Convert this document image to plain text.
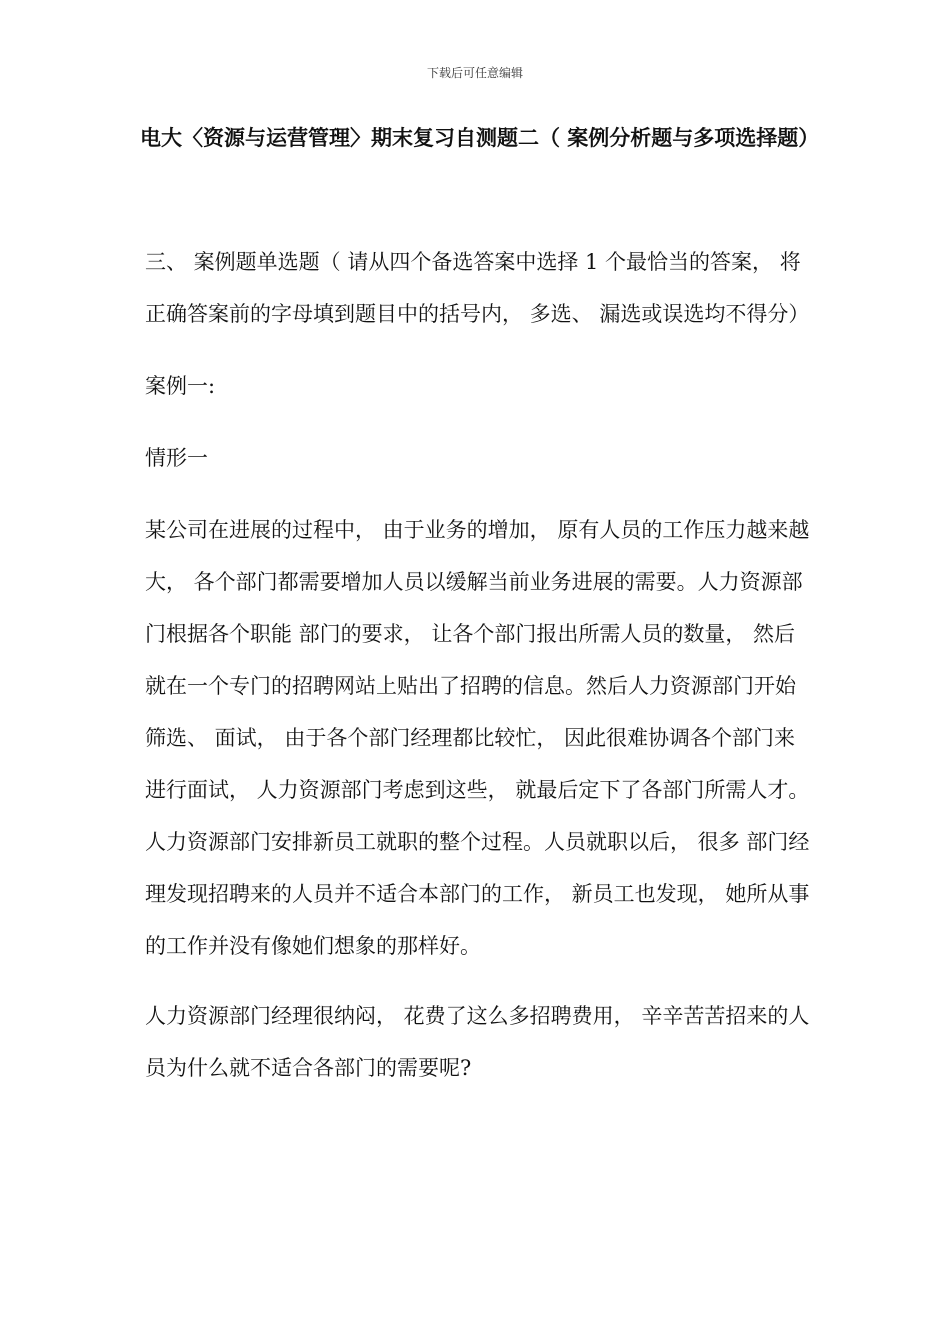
下载后可任意编辑
电大〈资源与运营管理〉期末复习自测题二（ 案例分析题与多项选择题）

三、 案例题单选题（ 请从四个备选答案中选择 1 个最恰当的答案， 将正确答案前的字母填到题目中的括号内， 多选、 漏选或误选均不得分）

案例一:

情形一

某公司在进展的过程中， 由于业务的增加， 原有人员的工作压力越来越大， 各个部门都需要增加人员以缓解当前业务进展的需要。人力资源部门根据各个职能 部门的要求， 让各个部门报出所需人员的数量， 然后就在一个专门的招聘网站上贴出了招聘的信息。然后人力资源部门开始筛选、 面试， 由于各个部门经理都比较忙， 因此很难协调各个部门来进行面试， 人力资源部门考虑到这些， 就最后定下了各部门所需人才。人力资源部门安排新员工就职的整个过程。人员就职以后， 很多 部门经理发现招聘来的人员并不适合本部门的工作， 新员工也发现， 她所从事的工作并没有像她们想象的那样好。

人力资源部门经理很纳闷， 花费了这么多招聘费用， 辛辛苦苦招来的人员为什么就不适合各部门的需要呢?
